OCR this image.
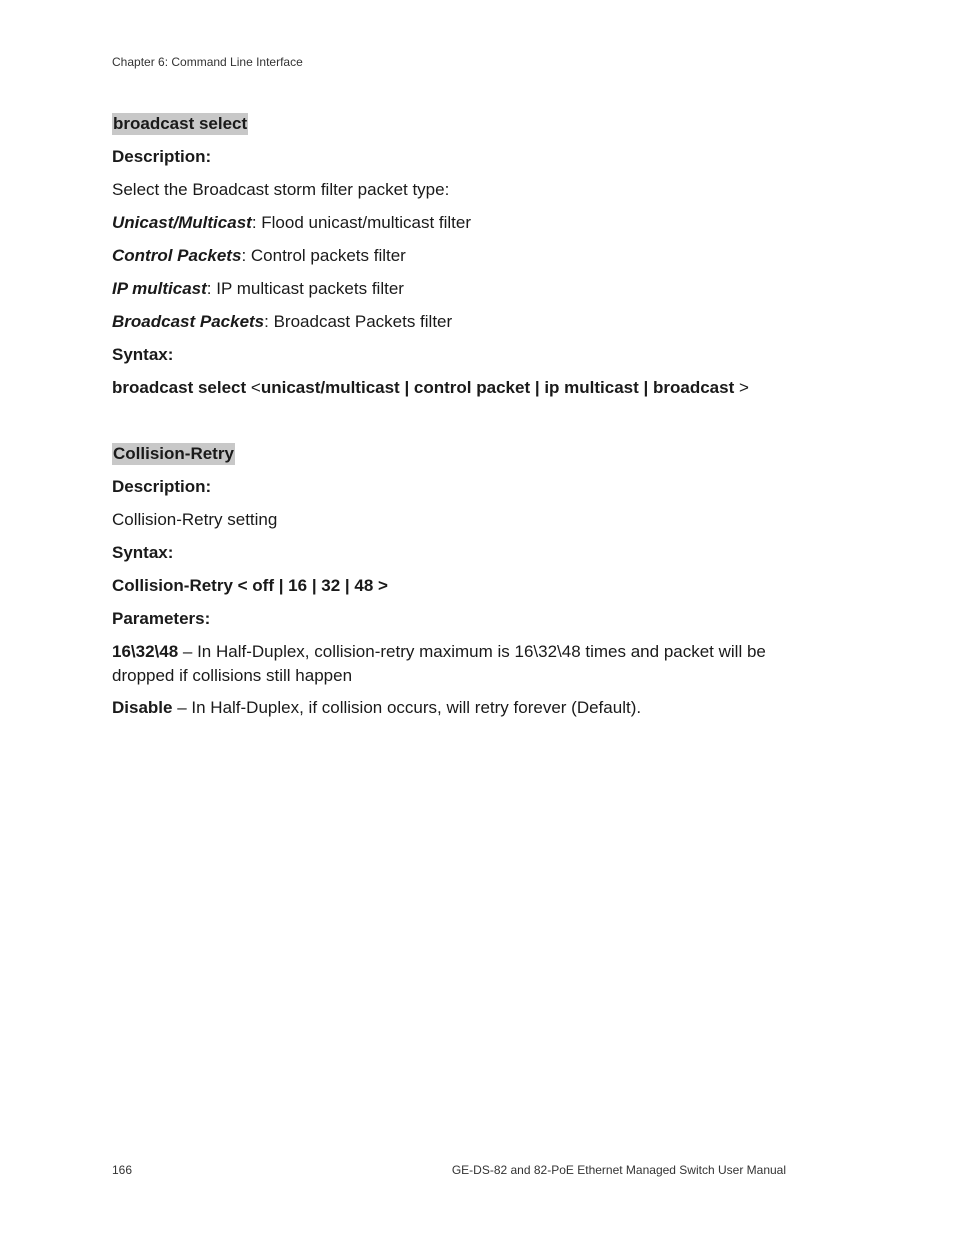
Chapter 6: Command Line Interface
broadcast select
Description:
Select the Broadcast storm filter packet type:
Unicast/Multicast: Flood unicast/multicast filter
Control Packets: Control packets filter
IP multicast: IP multicast packets filter
Broadcast Packets: Broadcast Packets filter
Syntax:
broadcast select <unicast/multicast | control packet | ip multicast | broadcast >
Collision-Retry
Description:
Collision-Retry setting
Syntax:
Collision-Retry < off | 16 | 32 | 48 >
Parameters:
16\32\48 – In Half-Duplex, collision-retry maximum is 16\32\48 times and packet will be dropped if collisions still happen
Disable – In Half-Duplex, if collision occurs, will retry forever (Default).
166	GE-DS-82 and 82-PoE Ethernet Managed Switch User Manual
